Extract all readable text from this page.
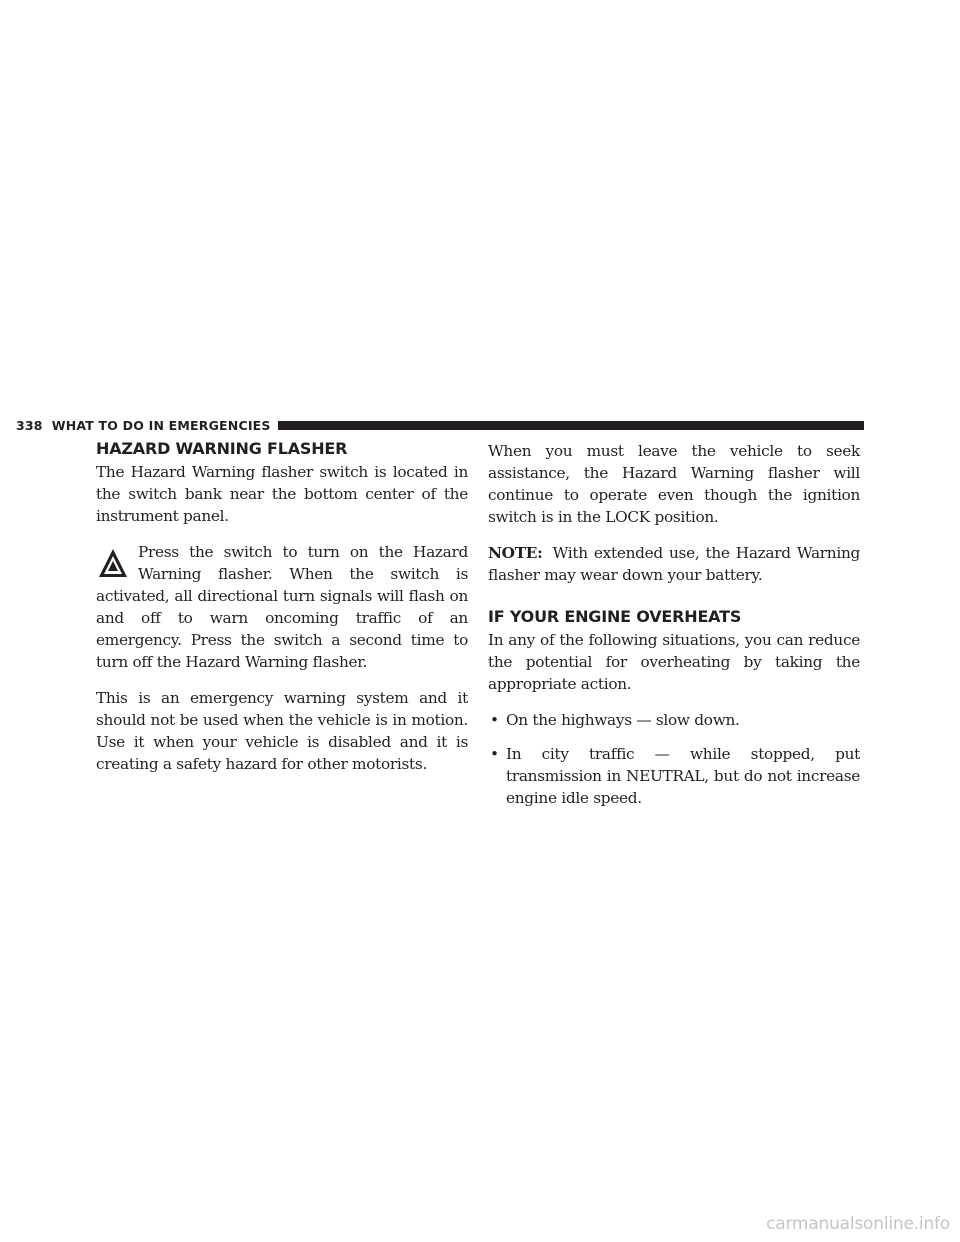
338 WHAT TO DO IN EMERGENCIES
HAZARD WARNING FLASHER

The Hazard Warning flasher switch is located in the switch bank near the bottom center of the instrument panel.

Press the switch to turn on the Hazard Warning flasher. When the switch is activated, all directional turn signals will flash on and off to warn oncoming traffic of an emergency. Press the switch a second time to turn off the Hazard Warning flasher.

This is an emergency warning system and it should not be used when the vehicle is in motion. Use it when your vehicle is disabled and it is creating a safety hazard for other motorists.

When you must leave the vehicle to seek assistance, the Hazard Warning flasher will continue to operate even though the ignition switch is in the LOCK position.

NOTE: With extended use, the Hazard Warning flasher may wear down your battery.

IF YOUR ENGINE OVERHEATS

In any of the following situations, you can reduce the potential for overheating by taking the appropriate action.

• On the highways — slow down.
• In city traffic — while stopped, put transmission in NEUTRAL, but do not increase engine idle speed.
carmanualsonline.info
